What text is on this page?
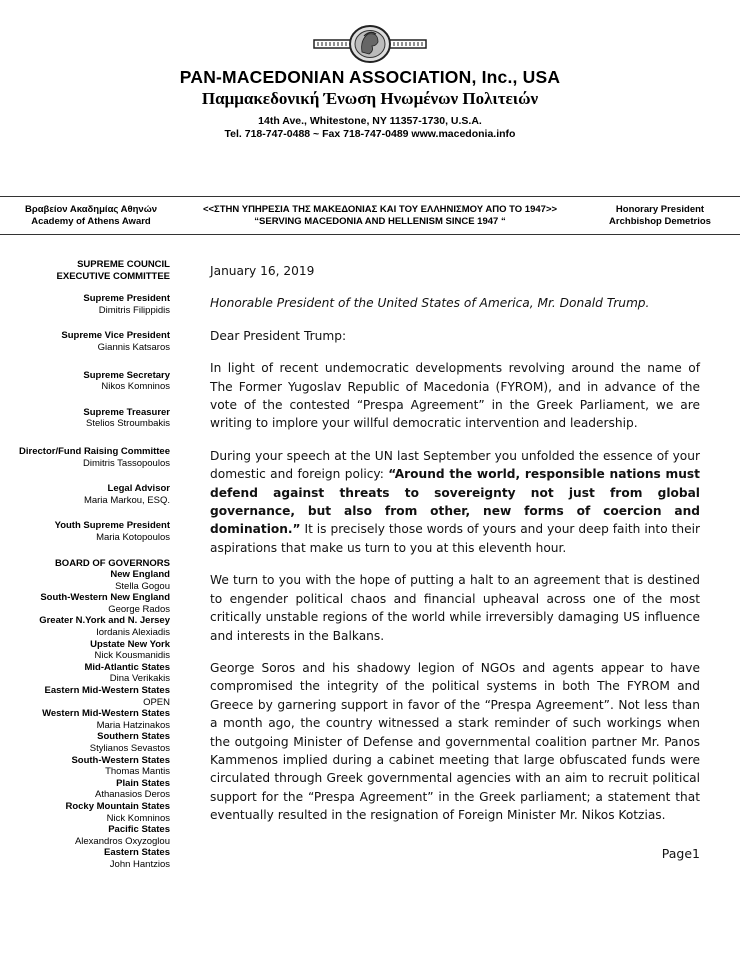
PAN-MACEDONIAN ASSOCIATION, Inc., USA
Παμμακεδονική Ένωση Ηνωμένων Πολιτειών
14th Ave., Whitestone, NY 11357-1730, U.S.A.
Tel. 718-747-0488 ~ Fax 718-747-0489 www.macedonia.info
Βραβείον Ακαδημίας Αθηνών
Academy of Athens Award
<<ΣΤΗΝ ΥΠΗΡΕΣΙΑ ΤΗΣ ΜΑΚΕΔΟΝΙΑΣ ΚΑΙ ΤΟΥ ΕΛΛΗΝΙΣΜΟΥ ΑΠΟ ΤΟ 1947>>
“SERVING MACEDONIA AND HELLENISM SINCE 1947 “
Honorary President
Archbishop Demetrios
SUPREME COUNCIL
EXECUTIVE COMMITTEE
Supreme President
Dimitris Filippidis
Supreme Vice President
Giannis Katsaros
Supreme Secretary
Nikos Komninos
Supreme Treasurer
Stelios Stroumbakis
Director/Fund Raising Committee
Dimitris Tassopoulos
Legal Advisor
Maria Markou, ESQ.
Youth Supreme President
Maria Kotopoulos
BOARD OF GOVERNORS
New England
Stella Gogou
South-Western New England
George Rados
Greater N.York and N. Jersey
Iordanis Alexiadis
Upstate New York
Nick Kousmanidis
Mid-Atlantic States
Dina Verikakis
Eastern Mid-Western States
OPEN
Western Mid-Western States
Maria Hatzinakos
Southern States
Stylianos Sevastos
South-Western States
Thomas Mantis
Plain States
Athanasios Deros
Rocky Mountain States
Nick Komninos
Pacific States
Alexandros Oxyzoglou
Eastern States
John Hantzios

January 16, 2019

Honorable President of the United States of America, Mr. Donald Trump.

Dear President Trump:

In light of recent undemocratic developments revolving around the name of The Former Yugoslav Republic of Macedonia (FYROM), and in advance of the vote of the contested “Prespa Agreement” in the Greek Parliament, we are writing to implore your willful democratic intervention and leadership.

During your speech at the UN last September you unfolded the essence of your domestic and foreign policy: “Around the world, responsible nations must defend against threats to sovereignty not just from global governance, but also from other, new forms of coercion and domination.” It is precisely those words of yours and your deep faith into their aspirations that make us turn to you at this eleventh hour.

We turn to you with the hope of putting a halt to an agreement that is destined to engender political chaos and financial upheaval across one of the most critically unstable regions of the world while irreversibly damaging US influence and interests in the Balkans.

George Soros and his shadowy legion of NGOs and agents appear to have compromised the integrity of the political systems in both The FYROM and Greece by garnering support in favor of the “Prespa Agreement”. Not less than a month ago, the country witnessed a stark reminder of such workings when the outgoing Minister of Defense and governmental coalition partner Mr. Panos Kammenos implied during a cabinet meeting that large obfuscated funds were circulated through Greek governmental agencies with an aim to recruit political support for the “Prespa Agreement” in the Greek parliament; a statement that eventually resulted in the resignation of Foreign Minister Mr. Nikos Kotzias.

Page1
